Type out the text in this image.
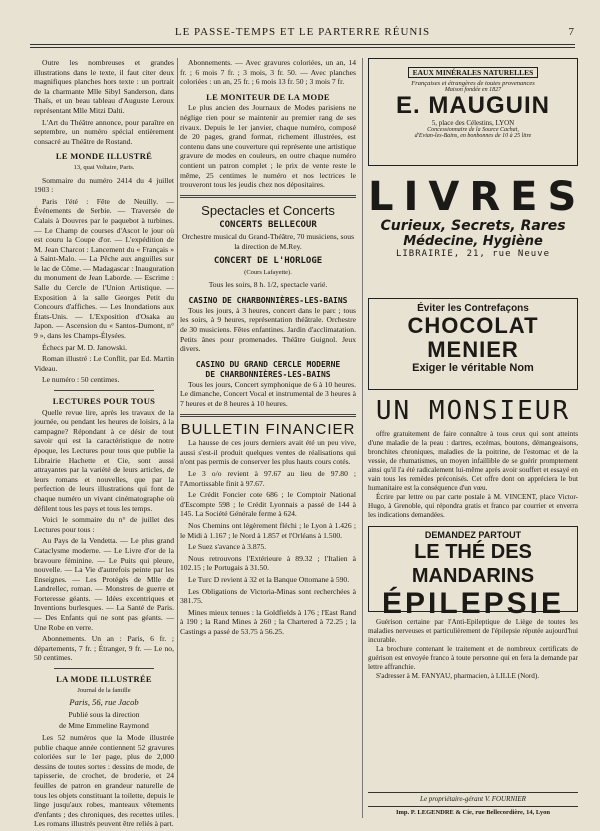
LE PASSE-TEMPS ET LE PARTERRE RÉUNIS	7

Outre les nombreuses et grandes illustrations dans le texte, il faut citer deux magnifiques planches hors texte : un portrait de la charmante Mlle Sibyl Sanderson, dans Thaïs, et un beau tableau d'Auguste Leroux représentant Mlle Mitzi Dalti.

L'Art du Théâtre annonce, pour paraître en septembre, un numéro spécial entièrement consacré au Théâtre de Rostand.

LE MONDE ILLUSTRÉ
13, quai Voltaire, Paris.

Sommaire du numéro 2414 du 4 juillet 1903 :

Paris l'été : Fête de Neuilly. — Événements de Serbie. — Traversée de Calais à Douvres par le paquebot à turbines. — Le Champ de courses d'Ascot le jour où est couru la Coupe d'or. — L'expédition de M. Jean Charcot : Lancement du « Français » à Saint-Malo. — La Pêche aux anguilles sur le lac de Côme. — Madagascar : Inauguration du monument de Jean Laborde. — Escrime : Salle du Cercle de l'Union Artistique. — Exposition à la salle Georges Petit du Concours d'affiches. — Les Inondations aux États-Unis. — L'Exposition d'Osaka au Japon. — Ascension du « Santos-Dumont, n° 9 », dans les Champs-Élysées.

Échecs par M. D. Janowski.

Roman illustré : Le Conflit, par Ed. Martin Videau.

Le numéro : 50 centimes.

LECTURES POUR TOUS

Quelle revue lire, après les travaux de la journée, ou pendant les heures de loisirs, à la campagne? Répondant à ce désir de tout savoir qui est la caractéristique de notre époque, les Lectures pour tous que publie la Librairie Hachette et Cie, sont aussi attrayantes par la variété de leurs articles, de leurs romans et nouvelles, que par la perfection de leurs illustrations qui font de chaque numéro un vivant cinématographe où défilent tous les pays et tous les temps.

Voici le sommaire du n° de juillet des Lectures pour tous :

Au Pays de la Vendetta. — Le plus grand Cataclysme moderne. — Le Livre d'or de la bravoure féminine. — Le Puits qui pleure, nouvelle. — La Vie d'autrefois peinte par les Enseignes. — Les Protégés de Mlle de Landrellec, roman. — Monstres de guerre et Forteresse géants. — Idées excentriques et Inventions burlesques. — La Santé de Paris. — Des Enfants qui ne sont pas géants. — Une Robe en verre.

Abonnements. Un an : Paris, 6 fr. ; départements, 7 fr. ; Étranger, 9 fr. — Le no, 50 centimes.

LA MODE ILLUSTRÉE
Journal de la famille

Paris, 56, rue Jacob

Publié sous la direction

de Mme Emmeline Raymond

Les 52 numéros que la Mode illustrée publie chaque année contiennent 52 gravures coloriées sur le 1er page, plus de 2,000 dessins de toutes sortes : dessins de mode, de tapisserie, de crochet, de broderie, et 24 feuilles de patron en grandeur naturelle de tous les objets constituant la toilette, depuis le linge jusqu'aux robes, manteaux vêtements d'enfants ; des chroniques, des recettes utiles. Les romans illustrés peuvent être reliés à part.

Abonnements. — Avec gravures coloriées, un an, 14 fr. ; 6 mois 7 fr. ; 3 mois, 3 fr. 50. — Avec planches coloriées : un an, 25 fr. ; 6 mois 13 fr. 50 ; 3 mois 7 fr.

LE MONITEUR DE LA MODE

Le plus ancien des Journaux de Modes parisiens ne néglige rien pour se maintenir au premier rang de ses rivaux. Depuis le 1er janvier, chaque numéro, composé de 20 pages, grand format, richement illustrées, est contenu dans une couverture qui représente une artistique gravure de modes en couleurs, en outre chaque numéro contient un patron complet ; le prix de vente reste le même, 25 centimes le numéro et nos lectrices le trouveront tous les jeudis chez nos dépositaires.

Spectacles et Concerts
CONCERTS BELLECOUR

Orchestre musical du Grand-Théâtre, 70 musiciens, sous la direction de M.Rey.

CONCERT DE L'HORLOGE
(Cours Lafayette).

Tous les soirs, 8 h. 1/2, spectacle varié.

CASINO DE CHARBONNIÈRES-LES-BAINS

Tous les jours, à 3 heures, concert dans le parc ; tous les soirs, à 9 heures, représentation théâtrale. Orchestre de 30 musiciens. Fêtes enfantines. Jardin d'acclimatation. Petits ânes pour promenades. Théâtre Guignol. Jeux divers.

CASINO DU GRAND CERCLE MODERNE
DE CHARBONNIÈRES-LES-BAINS

Tous les jours, Concert symphonique de 6 à 10 heures. Le dimanche, Concert Vocal et instrumental de 3 heures à 7 heures et de 8 heures à 10 heures.

BULLETIN FINANCIER

La hausse de ces jours derniers avait été un peu vive, aussi s'est-il produit quelques ventes de réalisations qui n'ont pas permis de conserver les plus hauts cours cotés.

Le 3 o/o revient à 97.67 au lieu de 97.80 ; l'Amortissable finit à 97.67.

Le Crédit Foncier cote 686 ; le Comptoir National d'Escompte 598 ; le Crédit Lyonnais a passé de 144 à 145. La Société Générale ferme à 624.

Nos Chemins ont légèrement fléchi ; le Lyon à 1.426 ; le Midi à 1.167 ; le Nord à 1.857 et l'Orléans à 1.500.

Le Suez s'avance à 3.875.

Nous retrouvons l'Extérieure à 89.32 ; l'Italien à 102.15 ; le Portugais à 31.50.

Le Turc D revient à 32 et la Banque Ottomane à 590.

Les Obligations de Victoria-Minas sont recherchées à 381.75.

Mines mieux tenues : la Goldfields à 176 ; l'East Rand à 190 ; la Rand Mines à 260 ; la Chartered à 72.25 ; la Castings a passé de 53.75 à 56.25.

EAUX MINÉRALES NATURELLES
Françaises et étrangères de toutes provenances
Maison fondée en 1827
E. MAUGUIN
5, place des Célestins, LYON
Concessionnaire de la Source Cachat,
d'Evian-les-Bains, en bonbonnes de 10 à 25 litre
LIVRES
Curieux, Secrets, Rares
Médecine, Hygiène
LIBRAIRIE, 21, rue Neuve
Éviter les Contrefaçons
CHOCOLAT
MENIER
Exiger le véritable Nom
UN MONSIEUR

offre gratuitement de faire connaître à tous ceux qui sont atteints d'une maladie de la peau : dartres, eczémas, boutons, démangeaisons, bronchites chroniques, maladies de la poitrine, de l'estomac et de la vessie, de rhumatismes, un moyen infaillible de se guérir promptement ainsi qu'il l'a été radicalement lui-même après avoir souffert et essayé en vain tous les remèdes préconisés. Cet offre dont on appréciera le but humanitaire est la conséquence d'un vœu.

Écrire par lettre ou par carte postale à M. VINCENT, place Victor-Hugo, à Grenoble, qui répondra gratis et franco par courrier et enverra les indications demandées.

DEMANDEZ PARTOUT
LE THÉ DES MANDARINS
ÉPILEPSIE

Guérison certaine par l'Anti-Epileptique de Liège de toutes les maladies nerveuses et particulièrement de l'épilepsie réputée aujourd'hui incurable.

La brochure contenant le traitement et de nombreux certificats de guérison est envoyée franco à toute personne qui en fera la demande par lettre affranchie.

S'adresser à M. FANYAU, pharmacien, à LILLE (Nord).

Le propriétaire-gérant V. FOURNIER
Imp. P. LEGENDRE & Cie, rue Bellecordière, 14, Lyon
